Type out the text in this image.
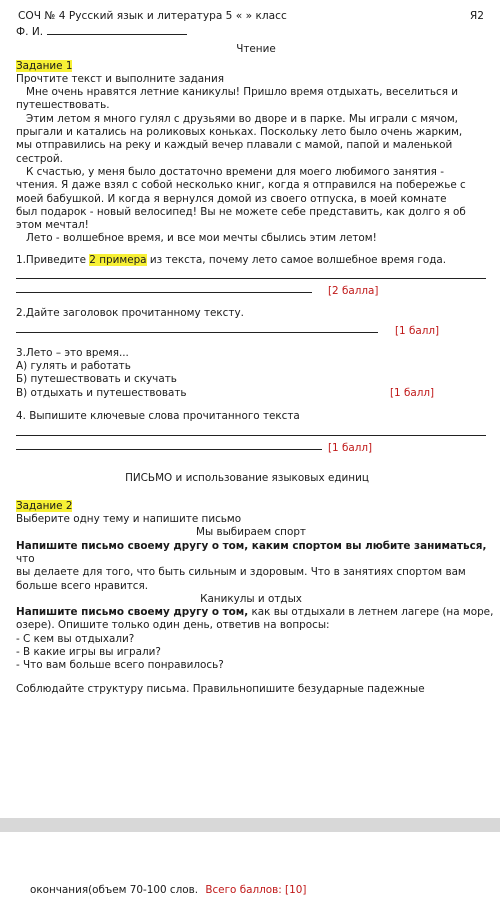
СОЧ № 4 Русский язык и литература 5 « » класс	Я2
Ф. И.
Чтение
Задание 1
Прочтите текст и выполните задания
Мне очень нравятся летние каникулы! Пришло время отдыхать, веселиться и
путешествовать.
Этим летом я много гулял с друзьями во дворе и в парке. Мы играли с мячом,
прыгали и катались на роликовых коньках. Поскольку лето было очень жарким,
мы отправились на реку и каждый вечер плавали с мамой, папой и маленькой
сестрой.
К счастью, у меня было достаточно времени для моего любимого занятия -
чтения. Я даже взял с собой несколько книг, когда я отправился на побережье с
моей бабушкой. И когда я вернулся домой из своего отпуска, в моей комнате
был подарок - новый велосипед! Вы не можете себе представить, как долго я об
этом мечтал!
Лето - волшебное время, и все мои мечты сбылись этим летом!
1.Приведите 2 примера из текста, почему лето самое волшебное время года.
[2 балла]
2.Дайте заголовок прочитанному тексту.
[1 балл]
3.Лето – это время...
А) гулять и работать
Б) путешествовать и скучать
В) отдыхать и путешествовать	[1 балл]
4. Выпишите ключевые слова прочитанного текста
[1 балл]
ПИСЬМО и использование языковых единиц
Задание 2
Выберите одну тему и напишите письмо
Мы выбираем спорт
Напишите письмо своему другу о том, каким спортом вы любите заниматься, что
вы делаете для того, что быть сильным и здоровым. Что в занятиях спортом вам
больше всего нравится.
Каникулы и отдых
Напишите письмо своему другу о том, как вы отдыхали в летнем лагере (на море,
озере). Опишите только один день, ответив на вопросы:
- С кем вы отдыхали?
- В какие игры вы играли?
- Что вам больше всего понравилось?
Соблюдайте структуру письма. Правильнопишите безударные падежные
окончания(объем 70-100 слов. Всего баллов: [10]
